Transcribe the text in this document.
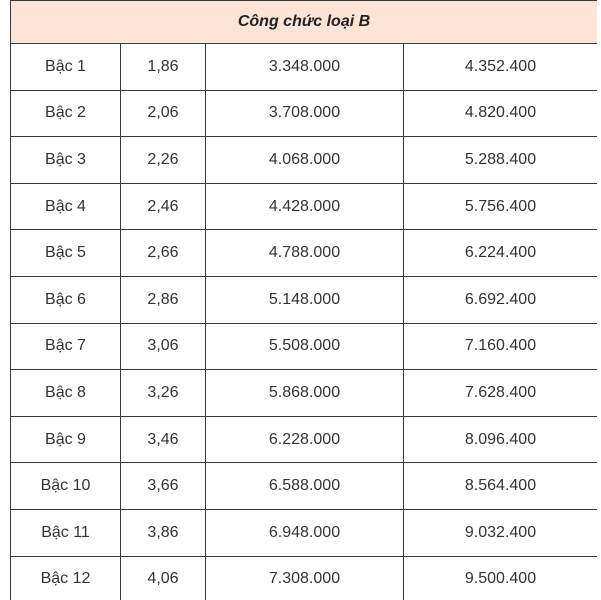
Công chức loại B			
Bậc 1	1,86	3.348.000	4.352.400
Bậc 2	2,06	3.708.000	4.820.400
Bậc 3	2,26	4.068.000	5.288.400
Bậc 4	2,46	4.428.000	5.756.400
Bậc 5	2,66	4.788.000	6.224.400
Bậc 6	2,86	5.148.000	6.692.400
Bậc 7	3,06	5.508.000	7.160.400
Bậc 8	3,26	5.868.000	7.628.400
Bậc 9	3,46	6.228.000	8.096.400
Bậc 10	3,66	6.588.000	8.564.400
Bậc 11	3,86	6.948.000	9.032.400
Bậc 12	4,06	7.308.000	9.500.400
